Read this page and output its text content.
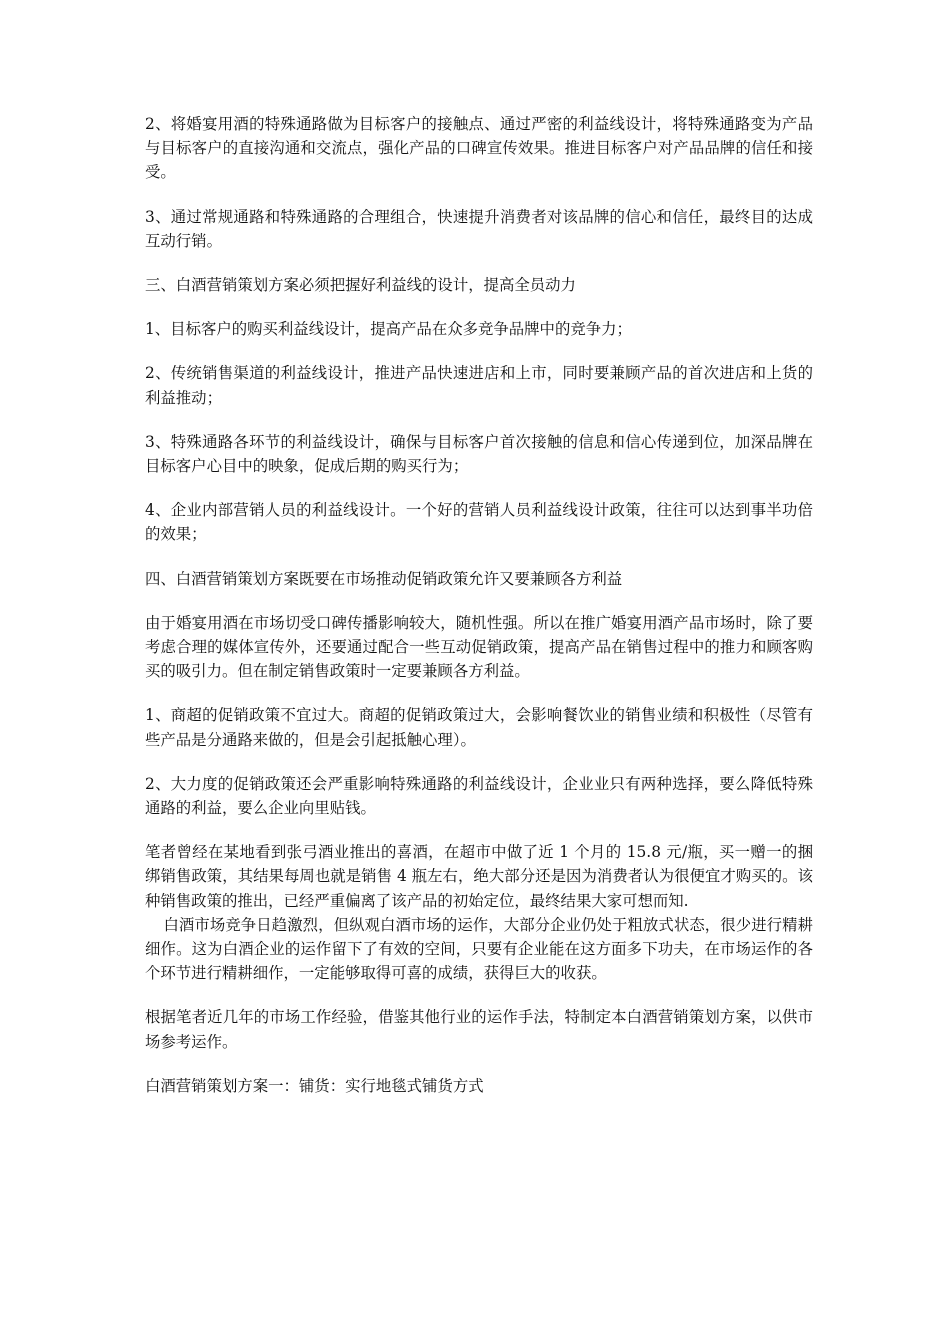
2、将婚宴用酒的特殊通路做为目标客户的接触点、通过严密的利益线设计，将特殊通路变为产品与目标客户的直接沟通和交流点，强化产品的口碑宣传效果。推进目标客户对产品品牌的信任和接受。

3、通过常规通路和特殊通路的合理组合，快速提升消费者对该品牌的信心和信任，最终目的达成互动行销。

三、白酒营销策划方案必须把握好利益线的设计，提高全员动力

1、目标客户的购买利益线设计，提高产品在众多竞争品牌中的竞争力；

2、传统销售渠道的利益线设计，推进产品快速进店和上市，同时要兼顾产品的首次进店和上货的利益推动；

3、特殊通路各环节的利益线设计，确保与目标客户首次接触的信息和信心传递到位，加深品牌在目标客户心目中的映象，促成后期的购买行为；

4、企业内部营销人员的利益线设计。一个好的营销人员利益线设计政策，往往可以达到事半功倍的效果；

四、白酒营销策划方案既要在市场推动促销政策允许又要兼顾各方利益

由于婚宴用酒在市场切受口碑传播影响较大，随机性强。所以在推广婚宴用酒产品市场时，除了要考虑合理的媒体宣传外，还要通过配合一些互动促销政策，提高产品在销售过程中的推力和顾客购买的吸引力。但在制定销售政策时一定要兼顾各方利益。

1、商超的促销政策不宜过大。商超的促销政策过大，会影响餐饮业的销售业绩和积极性（尽管有些产品是分通路来做的，但是会引起抵触心理）。

2、大力度的促销政策还会严重影响特殊通路的利益线设计，企业业只有两种选择，要么降低特殊通路的利益，要么企业向里贴钱。

笔者曾经在某地看到张弓酒业推出的喜酒，在超市中做了近 1 个月的 15.8 元/瓶，买一赠一的捆绑销售政策，其结果每周也就是销售 4 瓶左右，绝大部分还是因为消费者认为很便宜才购买的。该种销售政策的推出，已经严重偏离了该产品的初始定位，最终结果大家可想而知.

白酒市场竞争日趋激烈，但纵观白酒市场的运作，大部分企业仍处于粗放式状态，很少进行精耕细作。这为白酒企业的运作留下了有效的空间，只要有企业能在这方面多下功夫，在市场运作的各个环节进行精耕细作，一定能够取得可喜的成绩，获得巨大的收获。

根据笔者近几年的市场工作经验，借鉴其他行业的运作手法，特制定本白酒营销策划方案，以供市场参考运作。

白酒营销策划方案一：铺货：实行地毯式铺货方式
